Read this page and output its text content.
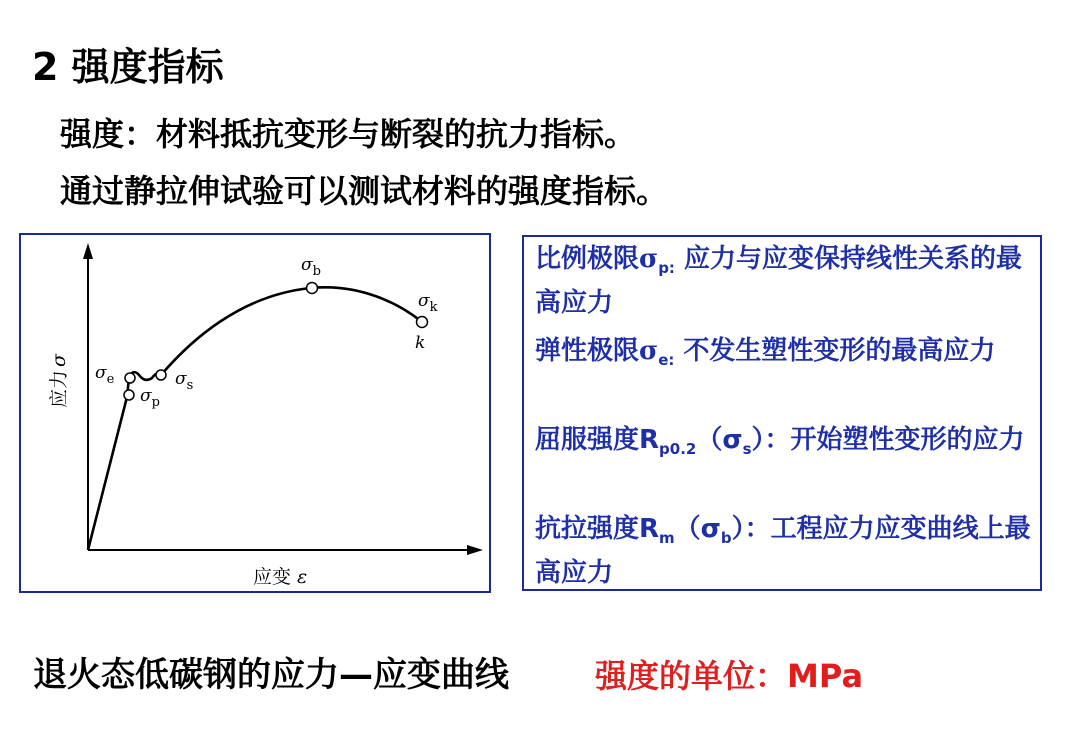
2 强度指标
强度：材料抵抗变形与断裂的抗力指标。
通过静拉伸试验可以测试材料的强度指标。
$\sigma_e$
$\sigma_p$
$\sigma_s$
$\sigma_b$
$\sigma_k$
k
应力σ
应变 ε
比例极限$\sigma_{p:}$ 应力与应变保持线性关系的最高应力
弹性极限$\sigma_{e:}$ 不发生塑性变形的最高应力
屈服强度$R_{p0.2}(\sigma_s)$：开始塑性变形的应力
抗拉强度$R_m(\sigma_b)$：工程应力应变曲线上最高应力
退火态低碳钢的应力—应变曲线	强度的单位：MPa
